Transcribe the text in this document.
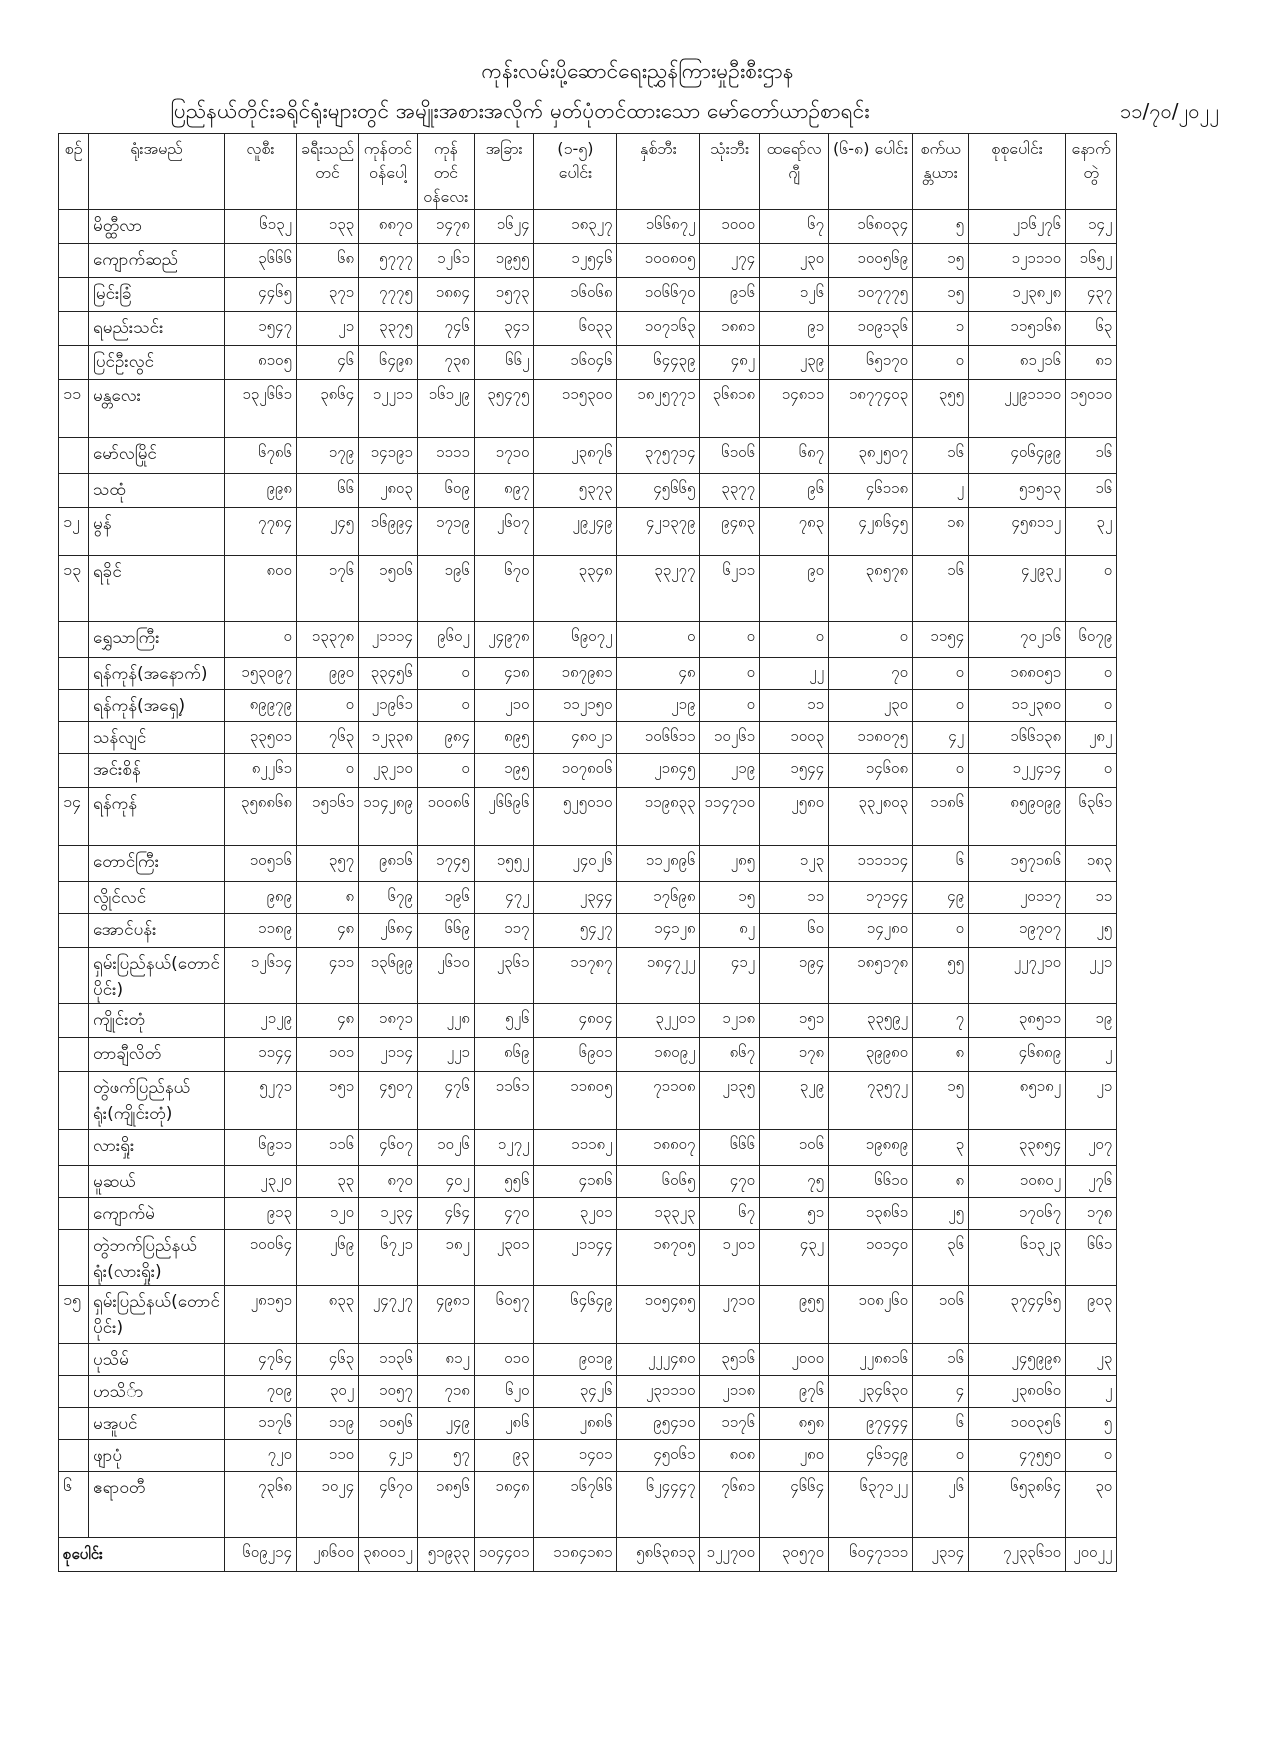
ကုန်းလမ်းပို့ဆောင်ရေးညွှန်ကြားမှုဦးစီးဌာန
ပြည်နယ်တိုင်းခရိုင်ရုံးများတွင် အမျိုးအစားအလိုက် မှတ်ပုံတင်ထားသော မော်တော်ယာဉ်စာရင်း	၁၁/၇၀/၂၀၂၂
စဉ်	ရုံးအမည်	လူစီး	ခရီးသည်တင်	ကုန်တင်ဝန်ပေါ့	ကုန်တင်ဝန်လေး	အခြား	(၁-၅) ပေါင်း	နှစ်ဘီး	သုံးဘီး	ထရော်လ ဂျီ	(၆-၈) ပေါင်း	စက်ယန္တယား	စုစုပေါင်း	နောက်တွဲ
	မိတ္ထီလာ	၆၁၃၂	၁၃၃	၈၈၇၀	၁၄၇၈	၁၆၂၄	၁၈၃၂၇	၁၆၆၈၇၂	၁၀၀၀	၆၇	၁၆၈၀၃၄	၅	၂၁၆၂၇၆	၁၄၂
	ကျောက်ဆည်	၃၆၆၆	၆၈	၅၇၇၇	၁၂၆၁	၁၉၅၅	၁၂၅၄၆	၁၀၀၈၀၅	၂၇၄	၂၃၀	၁၀၀၅၆၉	၁၅	၁၂၁၁၁၀	၁၆၅၂
	မြင်းခြံ	၄၄၆၅	၃၇၁	၇၇၇၅	၁၈၈၄	၁၅၇၃	၁၆၀၆၈	၁၀၆၆၇၀	၉၁၆	၁၂၆	၁၀၇၇၇၅	၁၅	၁၂၃၈၂၈	၄၃၇
	ရမည်းသင်း	၁၅၄၇	၂၁	၃၃၇၅	၇၄၆	၃၄၁	၆၀၃၃	၁၀၇၁၆၃	၁၈၈၁	၉၁	၁၀၉၁၃၆	၁	၁၁၅၁၆၈	၆၃
	ပြင်ဦးလွင်	၈၁၀၅	၄၆	၆၄၉၈	၇၃၈	၆၆၂	၁၆၀၄၆	၆၄၄၃၉	၄၈၂	၂၃၉	၆၅၁၇၀	၀	၈၁၂၁၆	၈၁
၁၁	မန္တလေး	၁၃၂၆၆၁	၃၈၆၄	၁၂၂၁၁	၁၆၁၂၉	၃၅၄၇၅	၁၁၅၃၀၀	၁၈၂၅၇၇၁	၃၆၈၁၈	၁၄၈၁၁	၁၈၇၇၄၀၃	၃၅၅	၂၂၉၁၁၁၀	၁၅၀၁၀
	မော်လမြိုင်	၆၇၈၆	၁၇၉	၁၄၁၉၁	၁၁၁၁	၁၇၁၀	၂၃၈၇၆	၃၇၅၇၁၄	၆၁၀၆	၆၈၇	၃၈၂၅၀၇	၁၆	၄၀၆၄၉၉	၁၆
	သထုံ	၉၉၈	၆၆	၂၈၀၃	၆၀၉	၈၉၇	၅၃၇၃	၄၅၆၆၅	၃၃၇၇	၉၆	၄၆၁၁၈	၂	၅၁၅၁၃	၁၆
၁၂	မွန်	၇၇၈၄	၂၄၅	၁၆၉၉၄	၁၇၁၉	၂၆၀၇	၂၉၂၄၉	၄၂၁၃၇၉	၉၄၈၃	၇၈၃	၄၂၈၆၄၅	၁၈	၄၅၈၁၁၂	၃၂
၁၃	ရခိုင်	၈၀၀	၁၇၆	၁၅၀၆	၁၉၆	၆၇၀	၃၃၄၈	၃၃၂၇၇	၆၂၁၁	၉၀	၃၈၅၇၈	၁၆	၄၂၉၃၂	၀
	ရွှေသာကြီး	၀	၁၃၃၇၈	၂၁၁၁၄	၉၆၀၂	၂၄၉၇၈	၆၉၀၇၂	၀	၀	၀	၀	၁၁၅၄	၇၀၂၁၆	၆၀၇၉
	ရန်ကုန်(အနောက်)	၁၅၃၀၉၇	၉၉၀	၃၃၄၅၆	၀	၄၁၈	၁၈၇၉၈၁	၄၈	၀	၂၂	၇၀	၀	၁၈၈၀၅၁	၀
	ရန်ကုန်(အရှေ့)	၈၉၉၇၉	၀	၂၁၉၆၁	၀	၂၁၀	၁၁၂၁၅၀	၂၁၉	၀	၁၁	၂၃၀	၀	၁၁၂၃၈၀	၀
	သန်လျင်	၃၃၅၀၁	၇၆၃	၁၂၃၃၈	၉၈၄	၈၉၅	၄၈၀၂၁	၁၀၆၆၁၁	၁၀၂၆၁	၁၀၀၃	၁၁၈၀၇၅	၄၂	၁၆၆၁၃၈	၂၈၂
	အင်းစိန်	၈၂၂၆၁	၀	၂၃၂၁၀	၀	၁၉၅	၁၀၇၈၀၆	၂၁၈၄၅	၂၁၉	၁၅၄၄	၁၄၆၀၈	၀	၁၂၂၄၁၄	၀
၁၄	ရန်ကုန်	၃၅၈၈၆၈	၁၅၁၆၁	၁၁၄၂၈၉	၁၀၀၈၆	၂၆၆၉၆	၅၂၅၀၁၀	၁၁၉၈၃၃	၁၁၄၇၁၀	၂၅၈၀	၃၃၂၈၀၃	၁၁၈၆	၈၅၉၀၉၉	၆၃၆၁
	တောင်ကြီး	၁၀၅၁၆	၃၅၇	၉၈၁၆	၁၇၄၅	၁၅၅၂	၂၄၀၂၆	၁၁၂၈၉၆	၂၈၅	၁၂၃	၁၁၁၁၁၄	၆	၁၅၇၁၈၆	၁၈၃
	လွိုင်လင်	၉၈၉	၈	၆၇၉	၁၉၆	၄၇၂	၂၃၄၄	၁၇၆၉၈	၁၅	၁၁	၁၇၁၄၄	၄၉	၂၀၁၁၇	၁၁
	အောင်ပန်း	၁၁၈၉	၄၈	၂၆၈၄	၆၆၉	၁၁၇	၅၄၂၇	၁၄၁၂၈	၈၂	၆၀	၁၄၂၈၀	၀	၁၉၇၀၇	၂၅
	ရှမ်းပြည်နယ်(တောင်ပိုင်း)	၁၂၆၁၄	၄၁၁	၁၃၆၉၉	၂၆၁၀	၂၃၆၁	၁၁၇၈၇	၁၈၄၇၂၂	၄၁၂	၁၉၄	၁၈၅၁၇၈	၅၅	၂၂၇၂၁၀	၂၂၁
	ကျိုင်းတုံ	၂၁၂၉	၄၈	၁၈၇၁	၂၂၈	၅၂၆	၄၈၀၄	၃၂၂၀၁	၁၂၁၈	၁၅၁	၃၃၅၉၂	၇	၃၈၅၁၁	၁၉
	တာချီလိတ်	၁၁၄၄	၁၀၁	၂၁၁၄	၂၂၁	၈၆၉	၆၉၀၁	၁၈၀၉၂	၈၆၇	၁၇၈	၃၉၉၈၀	၈	၄၆၈၈၉	၂
	တွဲဖက်ပြည်နယ်ရုံး(ကျိုင်းတုံ)	၅၂၇၁	၁၅၁	၄၅၀၇	၄၇၆	၁၁၆၁	၁၁၈၀၅	၇၁၁၀၈	၂၁၃၅	၃၂၉	၇၃၅၇၂	၁၅	၈၅၁၈၂	၂၁
	လားရှိုး	၆၉၁၁	၁၁၆	၄၆၀၇	၁၀၂၆	၁၂၇၂	၁၁၁၈၂	၁၈၈၀၇	၆၆၆	၁၀၆	၁၉၈၈၉	၃	၃၃၈၅၄	၂၀၇
	မူဆယ်	၂၃၂၀	၃၃	၈၇၀	၄၀၂	၅၅၆	၄၁၈၆	၆၀၆၅	၄၇၀	၇၅	၆၆၁၀	၈	၁၀၈၀၂	၂၇၆
	ကျောက်မဲ	၉၁၃	၁၂၀	၁၂၃၄	၄၆၄	၄၇၀	၃၂၀၁	၁၃၃၂၃	၆၇	၅၁	၁၃၈၆၁	၂၅	၁၇၀၆၇	၁၇၈
	တွဲဘက်ပြည်နယ်ရုံး(လားရှိုး)	၁၀၀၆၄	၂၆၉	၆၇၂၁	၁၈၂	၂၃၀၁	၂၁၁၄၄	၁၈၇၀၅	၁၂၀၁	၄၃၂	၁၀၁၄၀	၃၆	၆၁၃၂၃	၆၆၁
၁၅	ရှမ်းပြည်နယ်(တောင်ပိုင်း)	၂၈၁၅၁	၈၃၃	၂၄၇၂၇	၄၉၈၁	၆၀၅၇	၆၄၆၄၉	၁၀၅၄၈၅	၂၇၁၀	၉၅၅	၁၀၈၂၆၀	၁၀၆	၃၇၄၄၆၅	၉၀၃
	ပုသိမ်	၄၇၆၄	၄၆၃	၁၁၃၆	၈၁၂	၀၁၀	၉၀၁၉	၂၂၂၄၈၀	၃၅၁၆	၂၀၀၀	၂၂၈၈၁၆	၁၆	၂၄၅၉၉၈	၂၃
	ဟသိ်ာ	၇၀၉	၃၀၂	၁၀၅၇	၇၁၈	၆၂၀	၃၄၂၆	၂၃၁၁၁၀	၂၁၁၈	၉၇၆	၂၃၄၆၃၀	၄	၂၃၈၀၆၀	၂
	မအူပင်	၁၁၇၆	၁၁၉	၁၀၅၆	၂၄၉	၂၈၆	၂၈၈၆	၉၅၄၁၀	၁၁၇၆	၈၅၈	၉၇၄၄၄	၆	၁၀၀၃၅၆	၅
	ဖျာပုံ	၇၂၀	၁၁၀	၄၂၁	၅၇	၉၃	၁၄၀၁	၄၅၀၆၁	၈၀၈	၂၈၀	၄၆၁၄၉	၀	၄၇၅၅၀	၀
၆	ဧရာဝတီ	၇၃၆၈	၁၀၂၄	၄၆၇၀	၁၈၅၆	၁၈၄၈	၁၆၇၆၆	၆၂၄၄၄၇	၇၆၈၁	၄၆၆၄	၆၃၇၁၂၂	၂၆	၆၅၃၈၆၄	၃၀
စုပေါင်း		၆၀၉၂၁၄	၂၈၆၀၀	၃၈၀၀၁၂	၅၁၉၃၃	၁၀၄၄၀၁	၁၁၈၄၁၈၁	၅၈၆၃၈၁၃	၁၂၂၇၀၀	၃၀၅၇၀	၆၀၄၇၁၁၁	၂၃၁၄	၇၂၃၃၆၁၀	၂၀၀၂၂
